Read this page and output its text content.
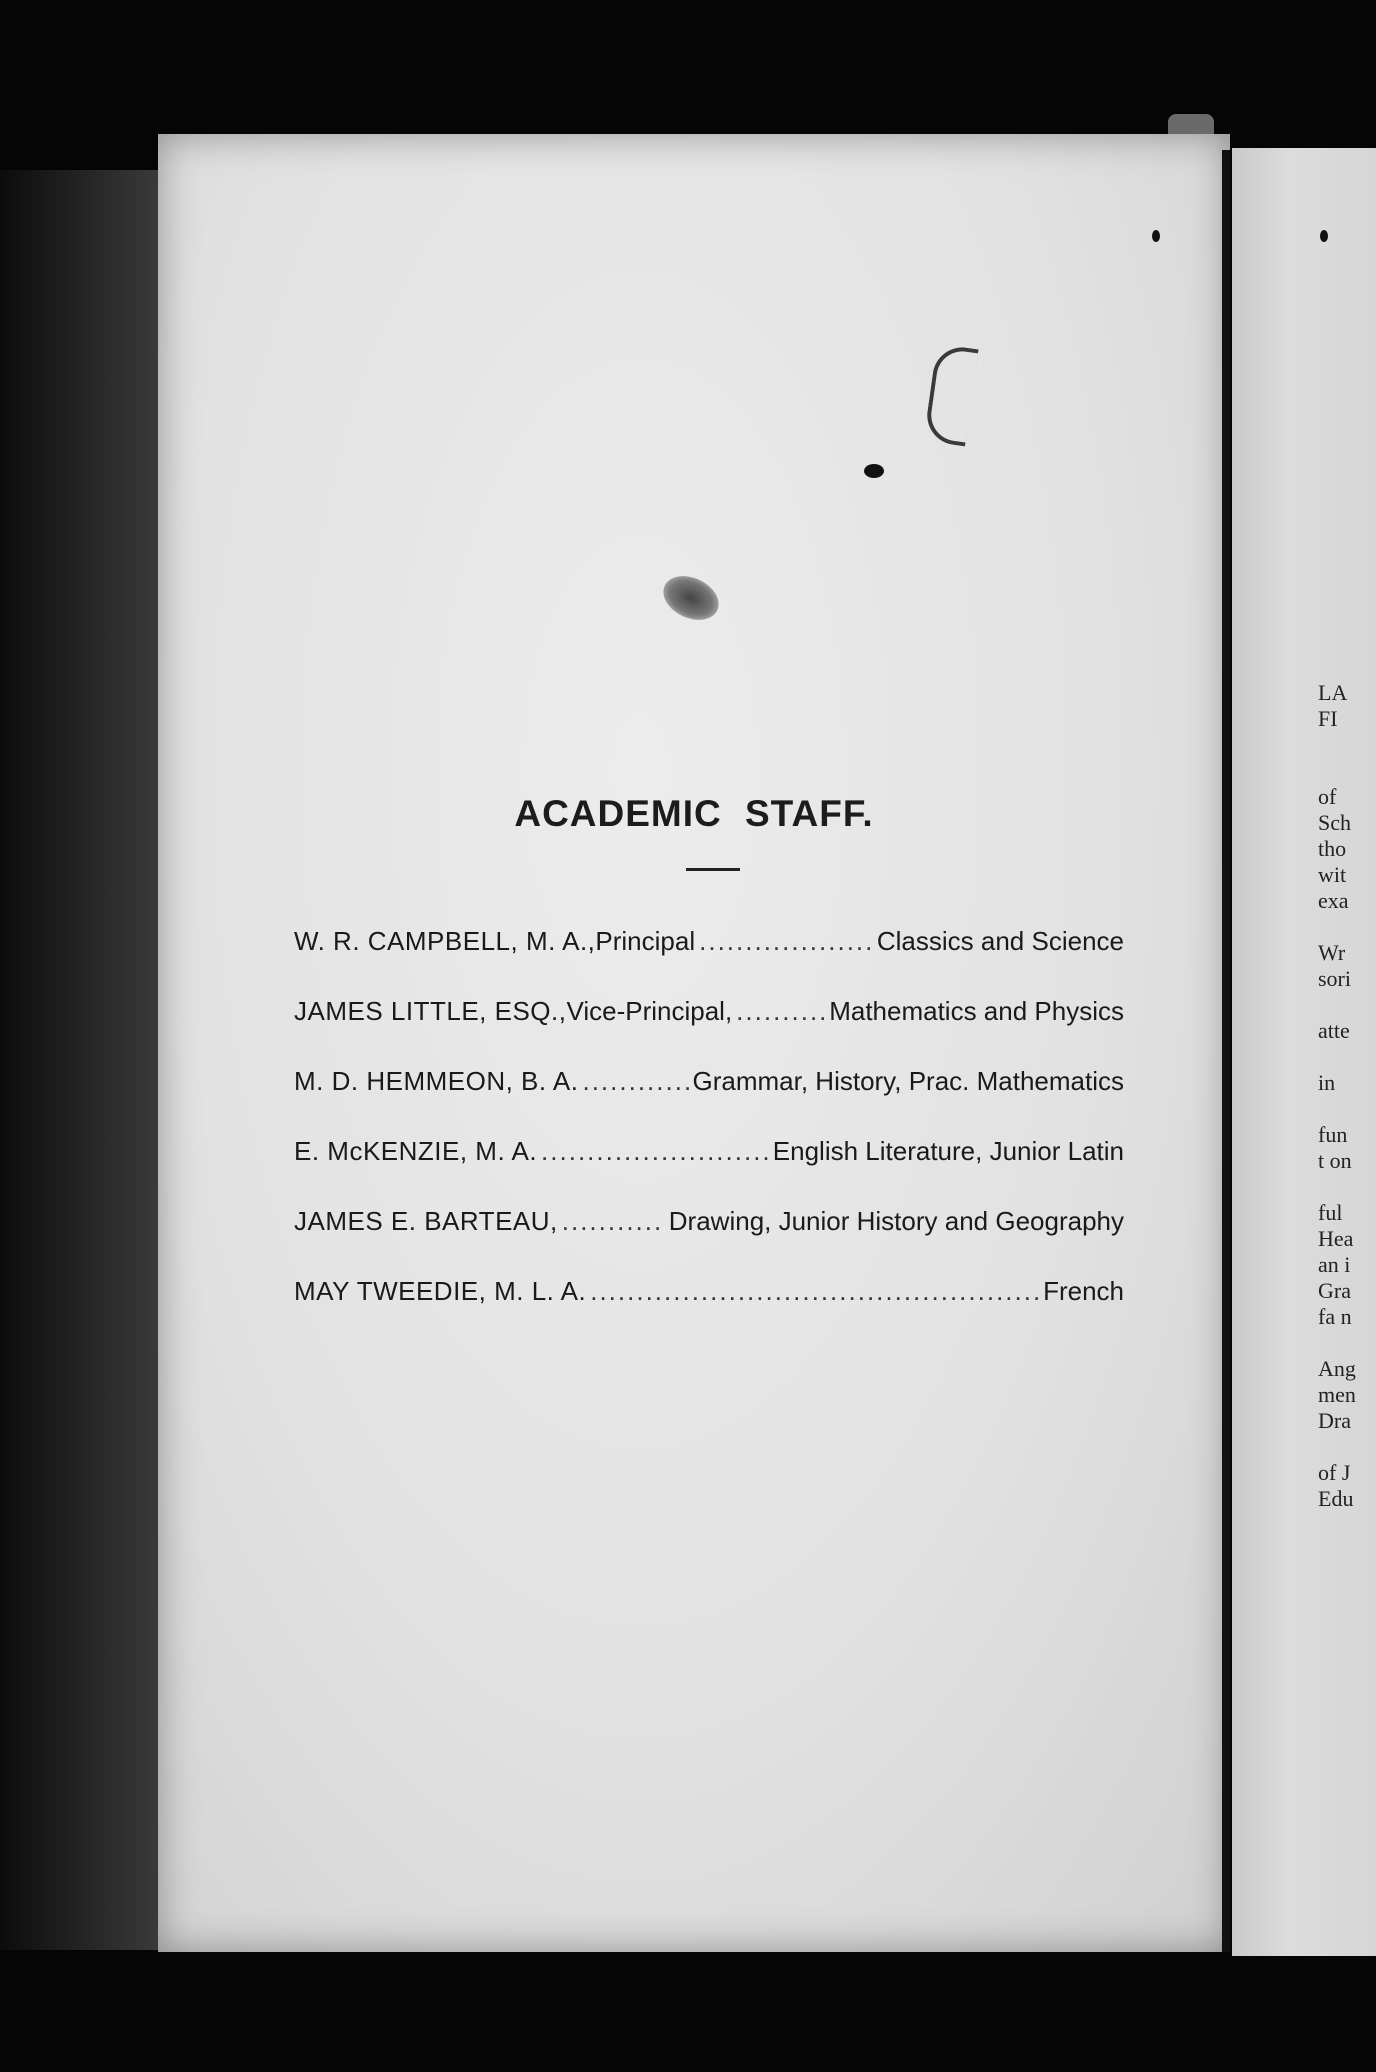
ACADEMIC STAFF.
W. R. CAMPBELL, M. A., Principal .....	Classics and Science
JAMES LITTLE, ESQ., Vice-Principal, .....	Mathematics and Physics
M. D. HEMMEON, B. A. .....	Grammar, History, Prac. Mathematics
E. McKENZIE, M. A. .....	English Literature, Junior Latin
JAMES E. BARTEAU, .....	Drawing, Junior History and Geography
MAY TWEEDIE, M. L. A. .....	French
LA
FI
of
Sch
tho
wit
exa
Wr
sori
atte
in
fun
t on
ful
Hea
an i
Gra
fa n
Ang
men
Dra
of J
Edu
